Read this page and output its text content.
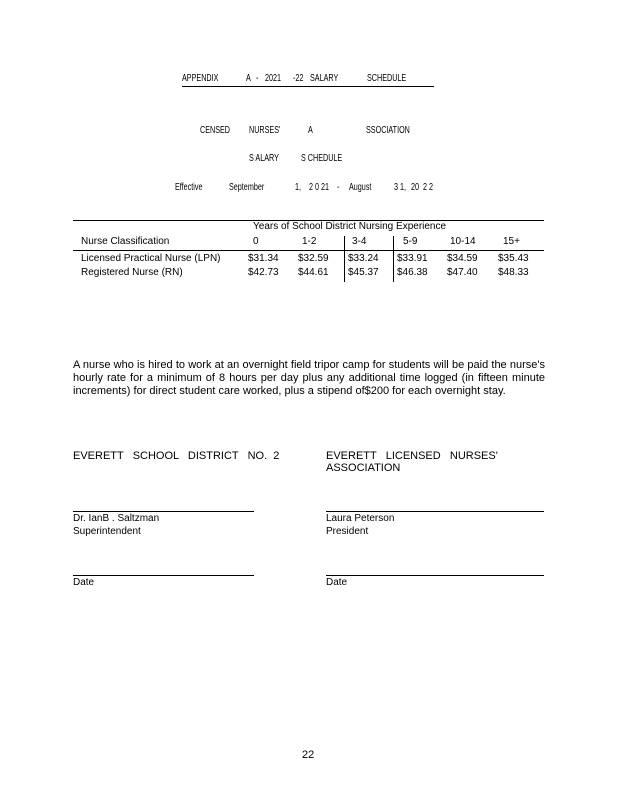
APPENDIX	A - 2021 -22 SALARY	SCHEDULE
CENSED NURSES'	A	SSOCIATION
S ALARY S CHEDULE
Effective	September	1, 2 0 21 - August 3 1, 20 2 2
Years of School District Nursing Experience
Nurse Classification	0	1-2	3-4	5-9	10-14	15+
Licensed Practical Nurse (LPN)	$31.34 $32.59 $33.24 $33.91 $34.59 $35.43
Registered Nurse (RN)	$42.73 $44.61 $45.37 $46.38 $47.40 $48.33
A nurse who is hired to work at an overnight field tripor camp for students will be paid the nurse's hourly rate for a minimum of 8 hours per day plus any additional time logged (in fifteen minute increments) for direct student care worked, plus a stipend of$200 for each overnight stay.
EVERETT   SCHOOL   DISTRICT   NO.  2
Dr. IanB . Saltzman
Superintendent
Date
EVERETT   LICENSED   NURSES'
ASSOCIATION
Laura Peterson
President
Date
22
